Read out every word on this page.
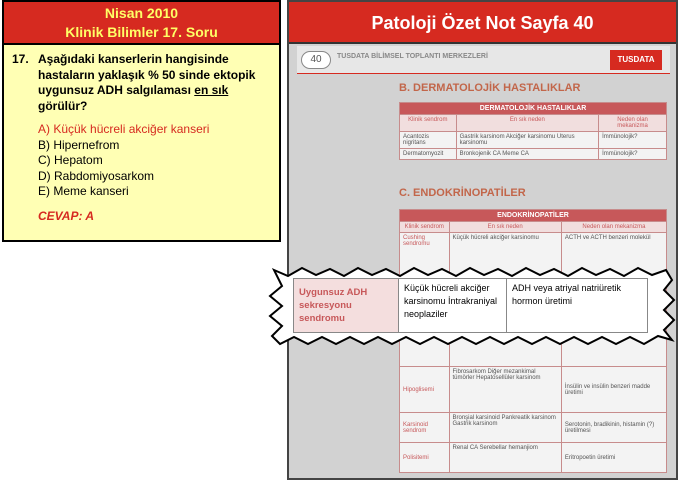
Nisan 2010
Klinik Bilimler 17. Soru
17. Aşağıdaki kanserlerin hangisinde hastaların yaklaşık % 50 sinde ektopik uygunsuz ADH salgılaması en sık görülür?
A) Küçük hücreli akciğer kanseri
B) Hipernefrom
C) Hepatom
D) Rabdomiyosarkom
E) Meme kanseri
CEVAP: A
Patoloji Özet Not Sayfa 40
40	TUSDATA BİLİMSEL TOPLANTI MERKEZLERİ	TUSDATA
B. DERMATOLOJİK HASTALIKLAR
DERMATOLOJİK HASTALIKLAR		
Klinik sendrom	En sık neden	Neden olan mekanizma
Acantozis nigritans	Gastrik karsinom Akciğer karsinomu Uterus karsinomu	İmmünolojik?
Dermatomyozit	Bronkojenik CA Meme CA	İmmünolojik?
C. ENDOKRİNOPATİLER
ENDOKRİNOPATİLER		
Klinik sendrom	En sık neden	Neden olan mekanizma
Cushing sendromu	Küçük hücreli akciğer karsinomu	ACTH ve ACTH benzeri molekül

Hipoglisemi	Fibrosarkom Diğer mezankimal tümörler Hepatosellüler karsinom	İnsülin ve insülin benzeri madde üretimi
Karsinoid sendrom	Bronşial karsinoid Pankreatik karsinom Gastrik karsinom	Serotonin, bradikinin, histamin (?) üretilmesi
Polisitemi	Renal CA Serebellar hemanjiom	Eritropoetin üretimi
Uygunsuz ADH sekresyonu sendromu	Küçük hücreli akciğer karsinomu İntrakraniyal neoplaziler	ADH veya atriyal natriüretik hormon üretimi
